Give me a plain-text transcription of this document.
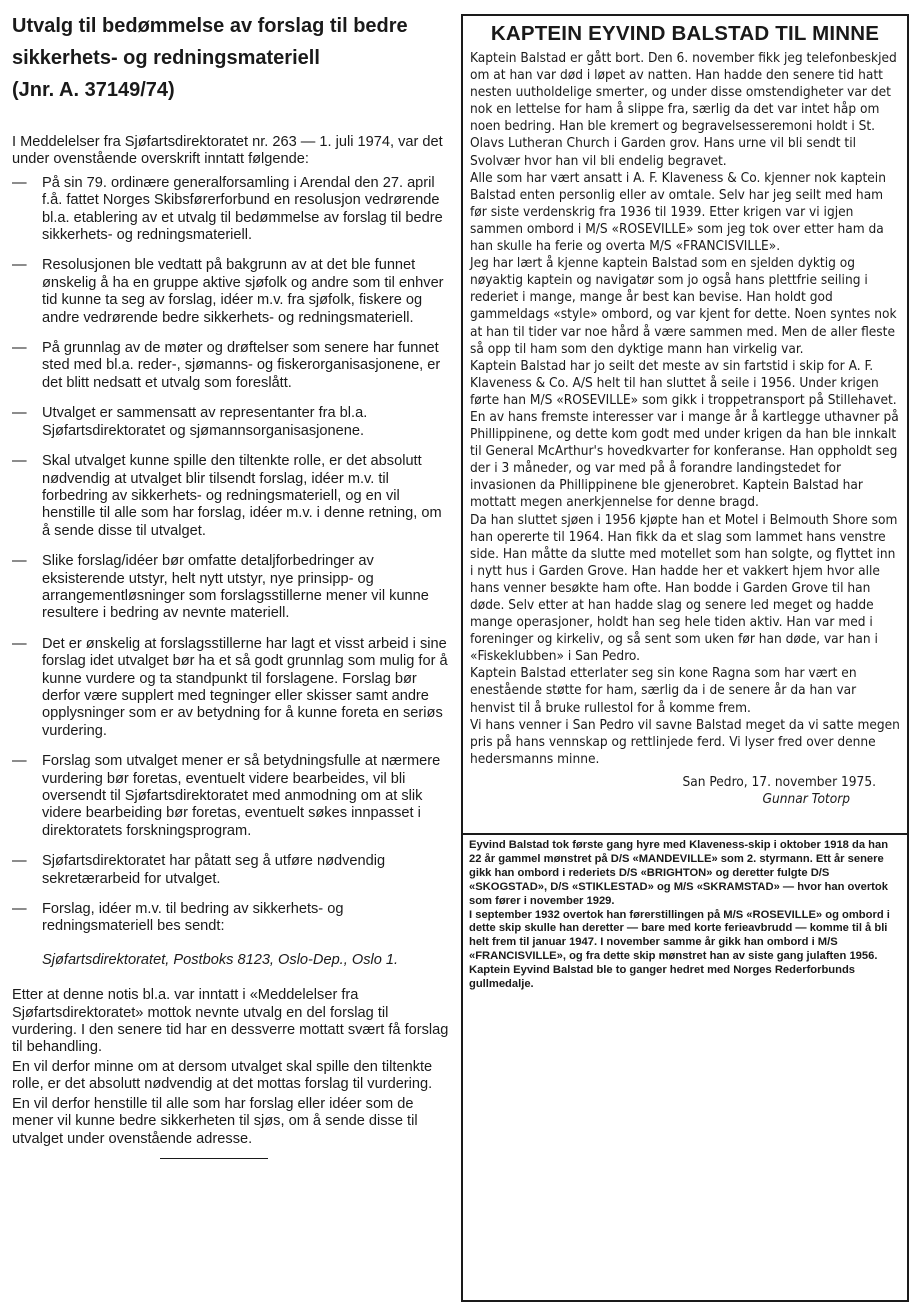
Utvalg til bedømmelse av forslag til bedre
sikkerhets- og redningsmateriell
(Jnr. A. 37149/74)

I Meddelelser fra Sjøfartsdirektoratet nr. 263 — 1. juli 1974, var det under ovenstående overskrift inntatt følgende:

— På sin 79. ordinære generalforsamling i Arendal den 27. april f.å. fattet Norges Skibsførerforbund en resolusjon vedrørende bl.a. etablering av et utvalg til bedømmelse av forslag til bedre sikkerhets- og redningsmateriell.
— Resolusjonen ble vedtatt på bakgrunn av at det ble funnet ønskelig å ha en gruppe aktive sjøfolk og andre som til enhver tid kunne ta seg av forslag, idéer m.v. fra sjøfolk, fiskere og andre vedrørende bedre sikkerhets- og redningsmateriell.
— På grunnlag av de møter og drøftelser som senere har funnet sted med bl.a. reder-, sjømanns- og fiskerorganisasjonene, er det blitt nedsatt et utvalg som foreslått.
— Utvalget er sammensatt av representanter fra bl.a. Sjøfartsdirektoratet og sjømannsorganisasjonene.
— Skal utvalget kunne spille den tiltenkte rolle, er det absolutt nødvendig at utvalget blir tilsendt forslag, idéer m.v. til forbedring av sikkerhets- og redningsmateriell, og en vil henstille til alle som har forslag, idéer m.v. i denne retning, om å sende disse til utvalget.
— Slike forslag/idéer bør omfatte detaljforbedringer av eksisterende utstyr, helt nytt utstyr, nye prinsipp- og arrangementløsninger som forslagsstillerne mener vil kunne resultere i bedring av nevnte materiell.
— Det er ønskelig at forslagsstillerne har lagt et visst arbeid i sine forslag idet utvalget bør ha et så godt grunnlag som mulig for å kunne vurdere og ta standpunkt til forslagene. Forslag bør derfor være supplert med tegninger eller skisser samt andre opplysninger som er av betydning for å kunne foreta en seriøs vurdering.
— Forslag som utvalget mener er så betydningsfulle at nærmere vurdering bør foretas, eventuelt videre bearbeides, vil bli oversendt til Sjøfartsdirektoratet med anmodning om at slik videre bearbeiding bør foretas, eventuelt søkes innpasset i direktoratets forskningsprogram.
— Sjøfartsdirektoratet har påtatt seg å utføre nødvendig sekretærarbeid for utvalget.
— Forslag, idéer m.v. til bedring av sikkerhets- og redningsmateriell bes sendt:

Sjøfartsdirektoratet, Postboks 8123, Oslo-Dep., Oslo 1.

Etter at denne notis bl.a. var inntatt i «Meddelelser fra Sjøfartsdirektoratet» mottok nevnte utvalg en del forslag til vurdering. I den senere tid har en dessverre mottatt svært få forslag til behandling.

En vil derfor minne om at dersom utvalget skal spille den tiltenkte rolle, er det absolutt nødvendig at det mottas forslag til vurdering.

En vil derfor henstille til alle som har forslag eller idéer som de mener vil kunne bedre sikkerheten til sjøs, om å sende disse til utvalget under ovenstående adresse.

KAPTEIN EYVIND BALSTAD TIL MINNE

Kaptein Balstad er gått bort. Den 6. november fikk jeg telefonbeskjed om at han var død i løpet av natten. Han hadde den senere tid hatt nesten uutholdelige smerter, og under disse omstendigheter var det nok en lettelse for ham å slippe fra, særlig da det var intet håp om noen bedring. Han ble kremert og begravelsesseremoni holdt i St. Olavs Lutheran Church i Garden grov. Hans urne vil bli sendt til Svolvær hvor han vil bli endelig begravet.

Alle som har vært ansatt i A. F. Klaveness & Co. kjenner nok kaptein Balstad enten personlig eller av omtale. Selv har jeg seilt med ham før siste verdenskrig fra 1936 til 1939. Etter krigen var vi igjen sammen ombord i M/S «ROSEVILLE» som jeg tok over etter ham da han skulle ha ferie og overta M/S «FRANCISVILLE».

Jeg har lært å kjenne kaptein Balstad som en sjelden dyktig og nøyaktig kaptein og navigatør som jo også hans plettfrie seiling i rederiet i mange, mange år best kan bevise. Han holdt god gammeldags «style» ombord, og var kjent for dette. Noen syntes nok at han til tider var noe hård å være sammen med. Men de aller fleste så opp til ham som den dyktige mann han virkelig var.

Kaptein Balstad har jo seilt det meste av sin fartstid i skip for A. F. Klaveness & Co. A/S helt til han sluttet å seile i 1956. Under krigen førte han M/S «ROSEVILLE» som gikk i troppetransport på Stillehavet. En av hans fremste interesser var i mange år å kartlegge uthavner på Phillippinene, og dette kom godt med under krigen da han ble innkalt til General McArthur's hovedkvarter for konferanse. Han oppholdt seg der i 3 måneder, og var med på å forandre landingstedet for invasionen da Phillippinene ble gjenerobret. Kaptein Balstad har mottatt megen anerkjennelse for denne bragd.

Da han sluttet sjøen i 1956 kjøpte han et Motel i Belmouth Shore som han opererte til 1964. Han fikk da et slag som lammet hans venstre side. Han måtte da slutte med motellet som han solgte, og flyttet inn i nytt hus i Garden Grove. Han hadde her et vakkert hjem hvor alle hans venner besøkte ham ofte. Han bodde i Garden Grove til han døde. Selv etter at han hadde slag og senere led meget og hadde mange operasjoner, holdt han seg hele tiden aktiv. Han var med i foreninger og kirkeliv, og så sent som uken før han døde, var han i «Fiskeklubben» i San Pedro.

Kaptein Balstad etterlater seg sin kone Ragna som har vært en enestående støtte for ham, særlig da i de senere år da han var henvist til å bruke rullestol for å komme frem.

Vi hans venner i San Pedro vil savne Balstad meget da vi satte megen pris på hans vennskap og rettlinjede ferd. Vi lyser fred over denne hedersmanns minne.

San Pedro, 17. november 1975.
Gunnar Totorp

Eyvind Balstad tok første gang hyre med Klaveness-skip i oktober 1918 da han 22 år gammel mønstret på D/S «MANDEVILLE» som 2. styrmann. Ett år senere gikk han ombord i rederiets D/S «BRIGHTON» og deretter fulgte D/S «SKOGSTAD», D/S «STIKLESTAD» og M/S «SKRAMSTAD» — hvor han overtok som fører i november 1929.

I september 1932 overtok han førerstillingen på M/S «ROSEVILLE» og ombord i dette skip skulle han deretter — bare med korte ferieavbrudd — komme til å bli helt frem til januar 1947. I november samme år gikk han ombord i M/S «FRANCISVILLE», og fra dette skip mønstret han av siste gang julaften 1956.

Kaptein Eyvind Balstad ble to ganger hedret med Norges Rederforbunds gullmedalje.
